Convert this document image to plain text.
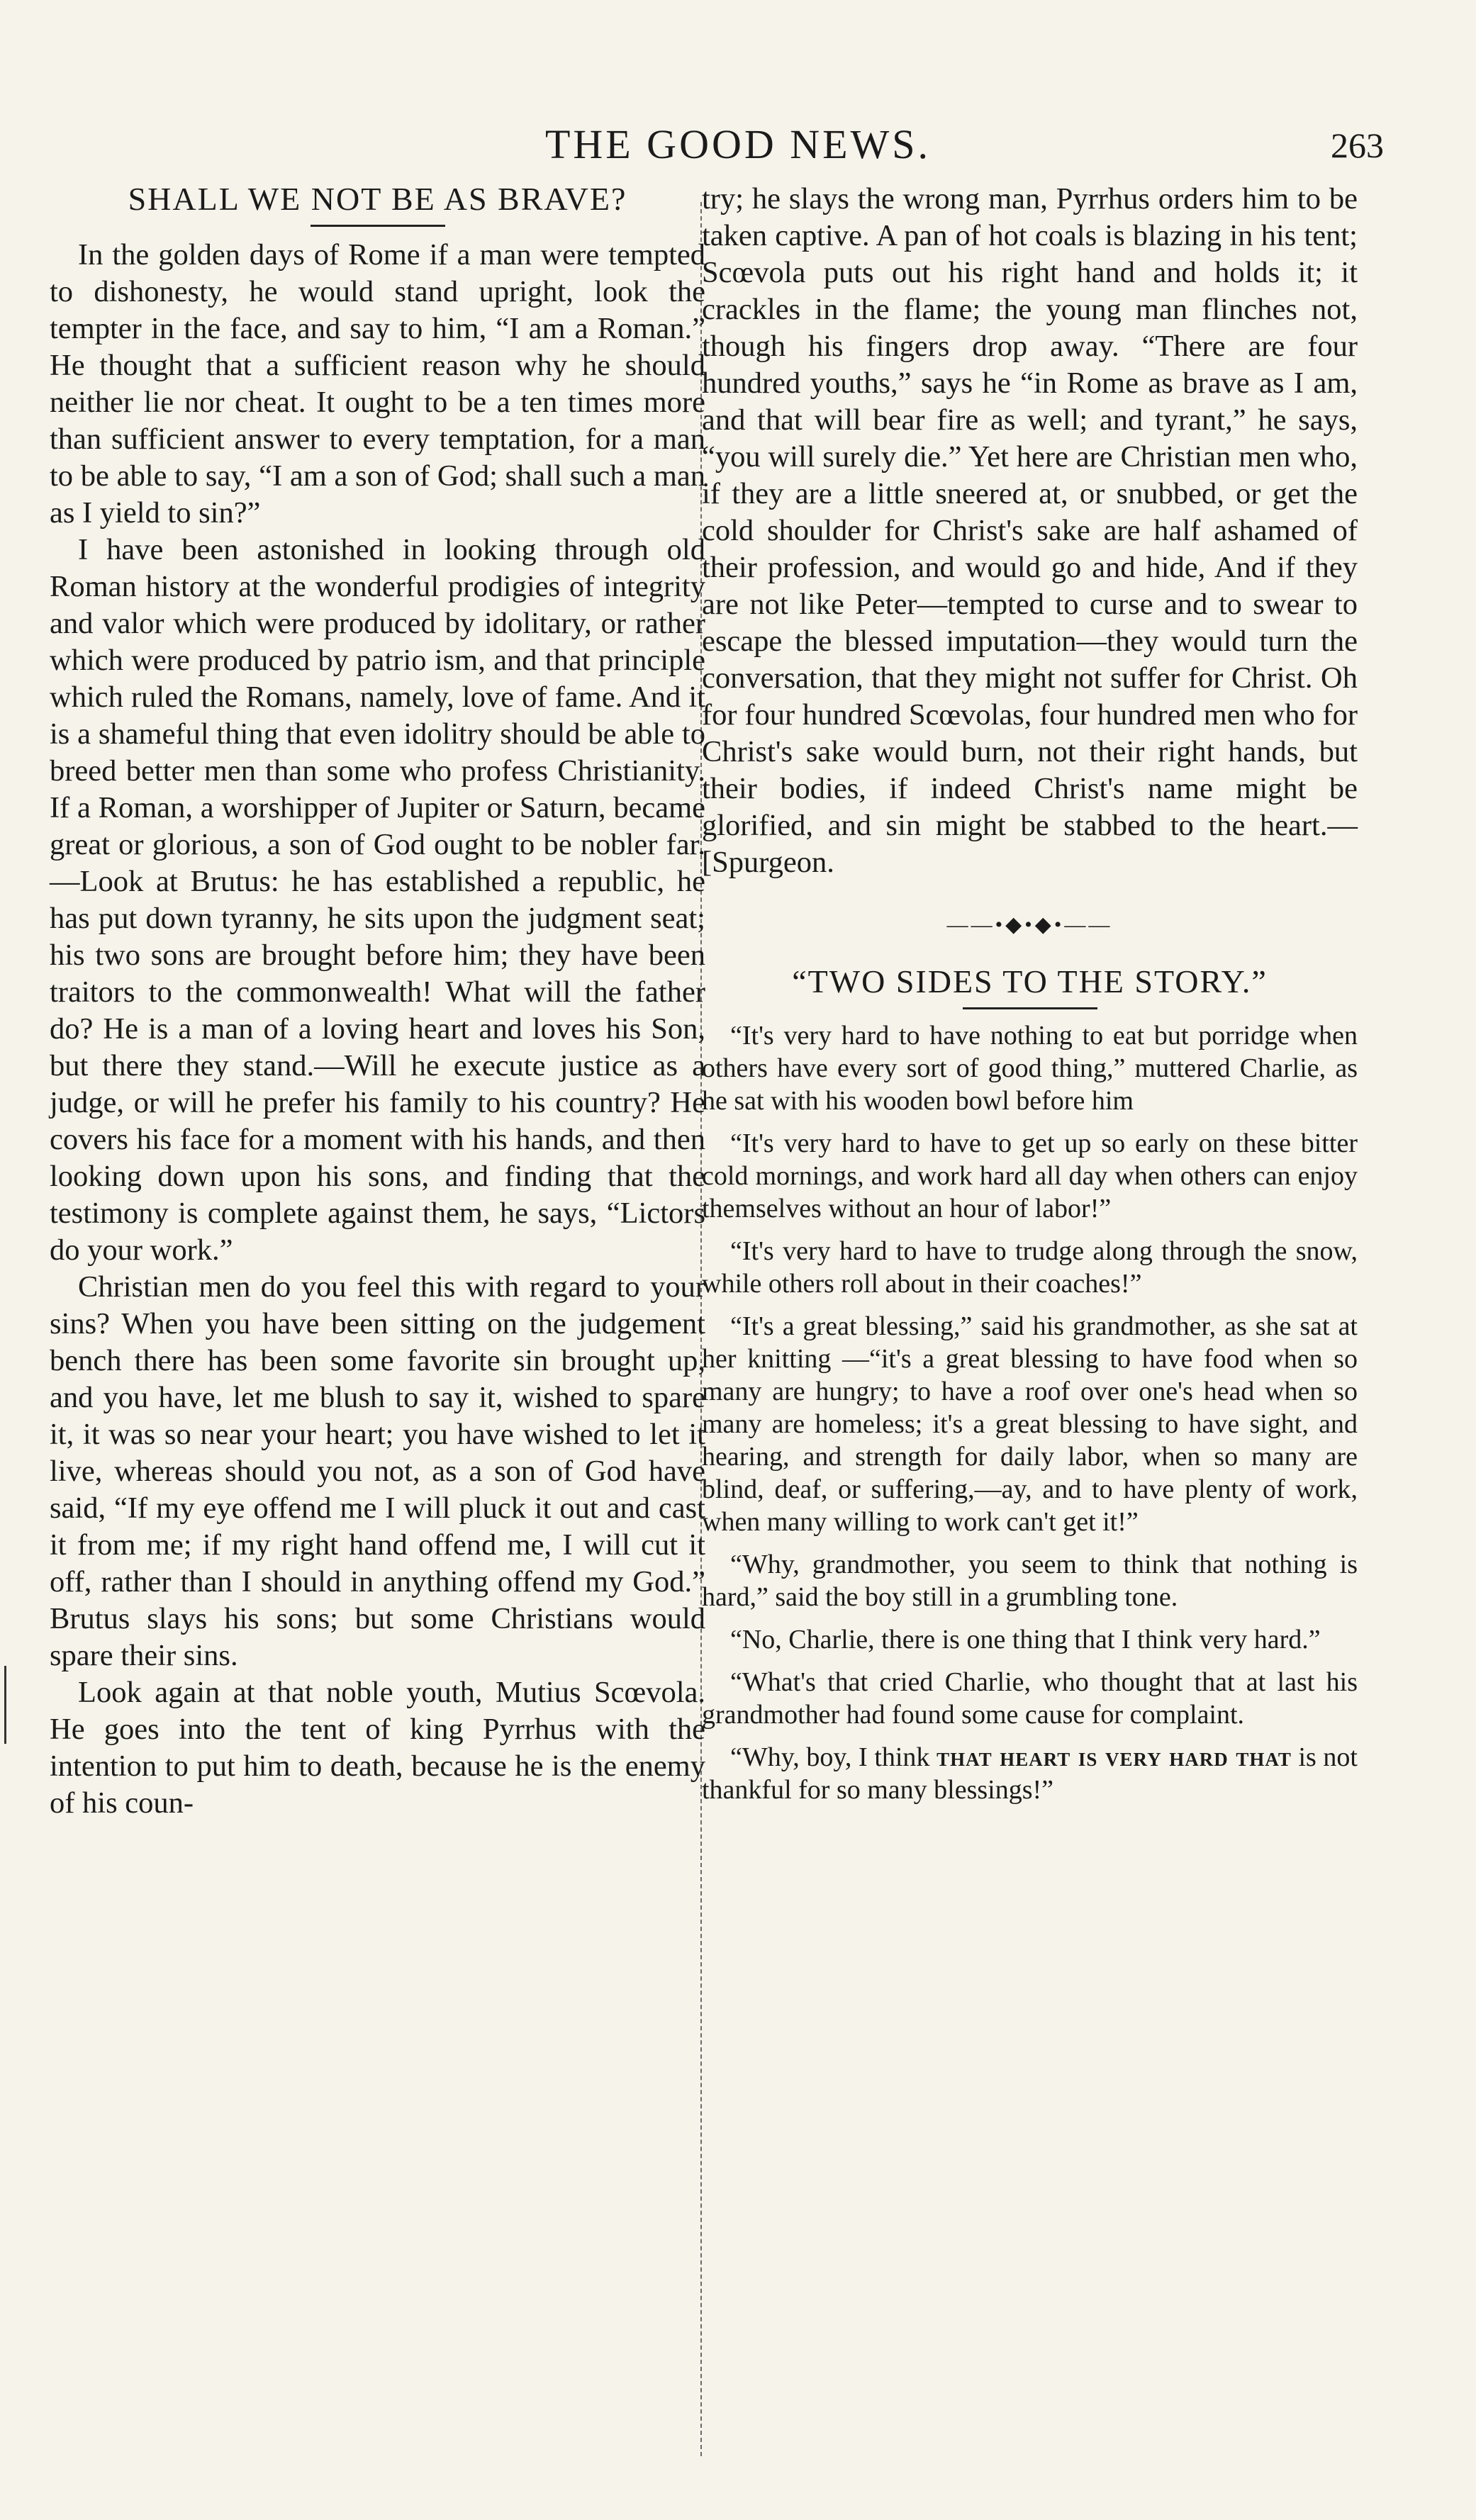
THE GOOD NEWS.	263
SHALL WE NOT BE AS BRAVE?

In the golden days of Rome if a man were tempted to dishonesty, he would stand upright, look the tempter in the face, and say to him, “I am a Roman.” He thought that a sufficient reason why he should neither lie nor cheat. It ought to be a ten times more than sufficient answer to every temptation, for a man to be able to say, “I am a son of God; shall such a man as I yield to sin?”

I have been astonished in looking through old Roman history at the wonderful prodigies of integrity and valor which were produced by idolitary, or rather which were produced by patrio ism, and that principle which ruled the Romans, namely, love of fame. And it is a shameful thing that even idolitry should be able to breed better men than some who profess Christianity. If a Roman, a worshipper of Jupiter or Saturn, became great or glorious, a son of God ought to be nobler far.—Look at Brutus: he has established a republic, he has put down tyranny, he sits upon the judgment seat; his two sons are brought before him; they have been traitors to the commonwealth! What will the father do? He is a man of a loving heart and loves his Son, but there they stand.—Will he execute justice as a judge, or will he prefer his family to his country? He covers his face for a moment with his hands, and then looking down upon his sons, and finding that the testimony is complete against them, he says, “Lictors do your work.”

Christian men do you feel this with regard to your sins? When you have been sitting on the judgement bench there has been some favorite sin brought up, and you have, let me blush to say it, wished to spare it, it was so near your heart; you have wished to let it live, whereas should you not, as a son of God have said, “If my eye offend me I will pluck it out and cast it from me; if my right hand offend me, I will cut it off, rather than I should in anything offend my God.” Brutus slays his sons; but some Christians would spare their sins.

Look again at that noble youth, Mutius Scœvola. He goes into the tent of king Pyrrhus with the intention to put him to death, because he is the enemy of his coun-

try; he slays the wrong man, Pyrrhus orders him to be taken captive. A pan of hot coals is blazing in his tent; Scœvola puts out his right hand and holds it; it crackles in the flame; the young man flinches not, though his fingers drop away. “There are four hundred youths,” says he “in Rome as brave as I am, and that will bear fire as well; and tyrant,” he says, “you will surely die.” Yet here are Christian men who, if they are a little sneered at, or snubbed, or get the cold shoulder for Christ's sake are half ashamed of their profession, and would go and hide, And if they are not like Peter—tempted to curse and to swear to escape the blessed imputation—they would turn the conversation, that they might not suffer for Christ. Oh for four hundred Scœvolas, four hundred men who for Christ's sake would burn, not their right hands, but their bodies, if indeed Christ's name might be glorified, and sin might be stabbed to the heart.—[Spurgeon.

——•◆•◆•——
“TWO SIDES TO THE STORY.”

“It's very hard to have nothing to eat but porridge when others have every sort of good thing,” muttered Charlie, as he sat with his wooden bowl before him

“It's very hard to have to get up so early on these bitter cold mornings, and work hard all day when others can enjoy themselves without an hour of labor!”

“It's very hard to have to trudge along through the snow, while others roll about in their coaches!”

“It's a great blessing,” said his grandmother, as she sat at her knitting —“it's a great blessing to have food when so many are hungry; to have a roof over one's head when so many are homeless; it's a great blessing to have sight, and hearing, and strength for daily labor, when so many are blind, deaf, or suffering,—ay, and to have plenty of work, when many willing to work can't get it!”

“Why, grandmother, you seem to think that nothing is hard,” said the boy still in a grumbling tone.

“No, Charlie, there is one thing that I think very hard.”

“What's that cried Charlie, who thought that at last his grandmother had found some cause for complaint.

“Why, boy, I think that heart is very hard that is not thankful for so many blessings!”
